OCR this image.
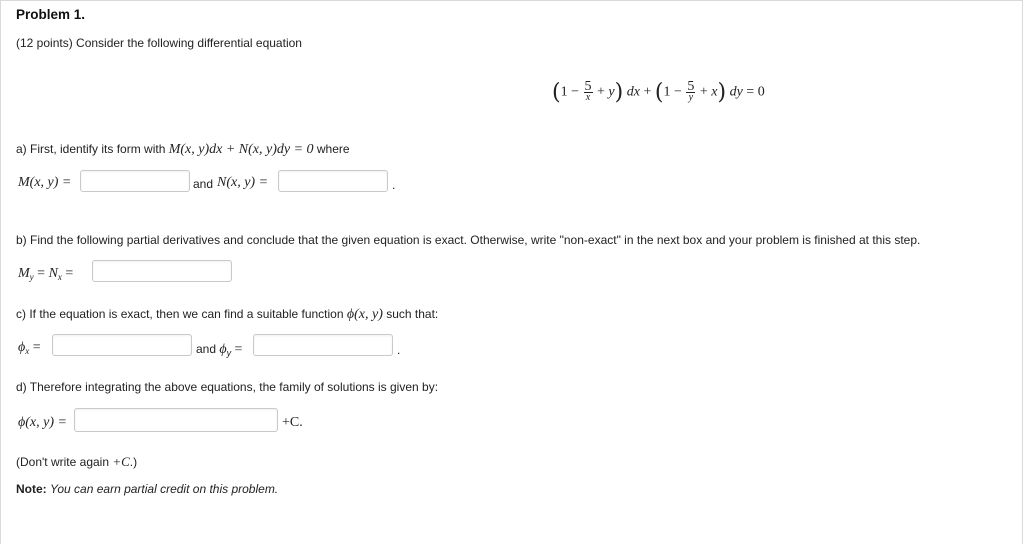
Problem 1.
(12 points) Consider the following differential equation
$(1 - \frac{5}{x} + y)$ dx + $(1 - \frac{5}{y} + x)$ dy = 0
a) First, identify its form with M(x, y)dx + N(x, y)dy = 0 where
M(x, y) =	and N(x, y) =	.
b) Find the following partial derivatives and conclude that the given equation is exact. Otherwise, write "non-exact" in the next box and your problem is finished at this step.
$M_y = N_x$ =
c) If the equation is exact, then we can find a suitable function ϕ(x, y) such that:
$\phi_x$ =	and $\phi_y$ =	.
d) Therefore integrating the above equations, the family of solutions is given by:
ϕ(x, y) =	+C.
(Don't write again +C.)
Note: You can earn partial credit on this problem.
